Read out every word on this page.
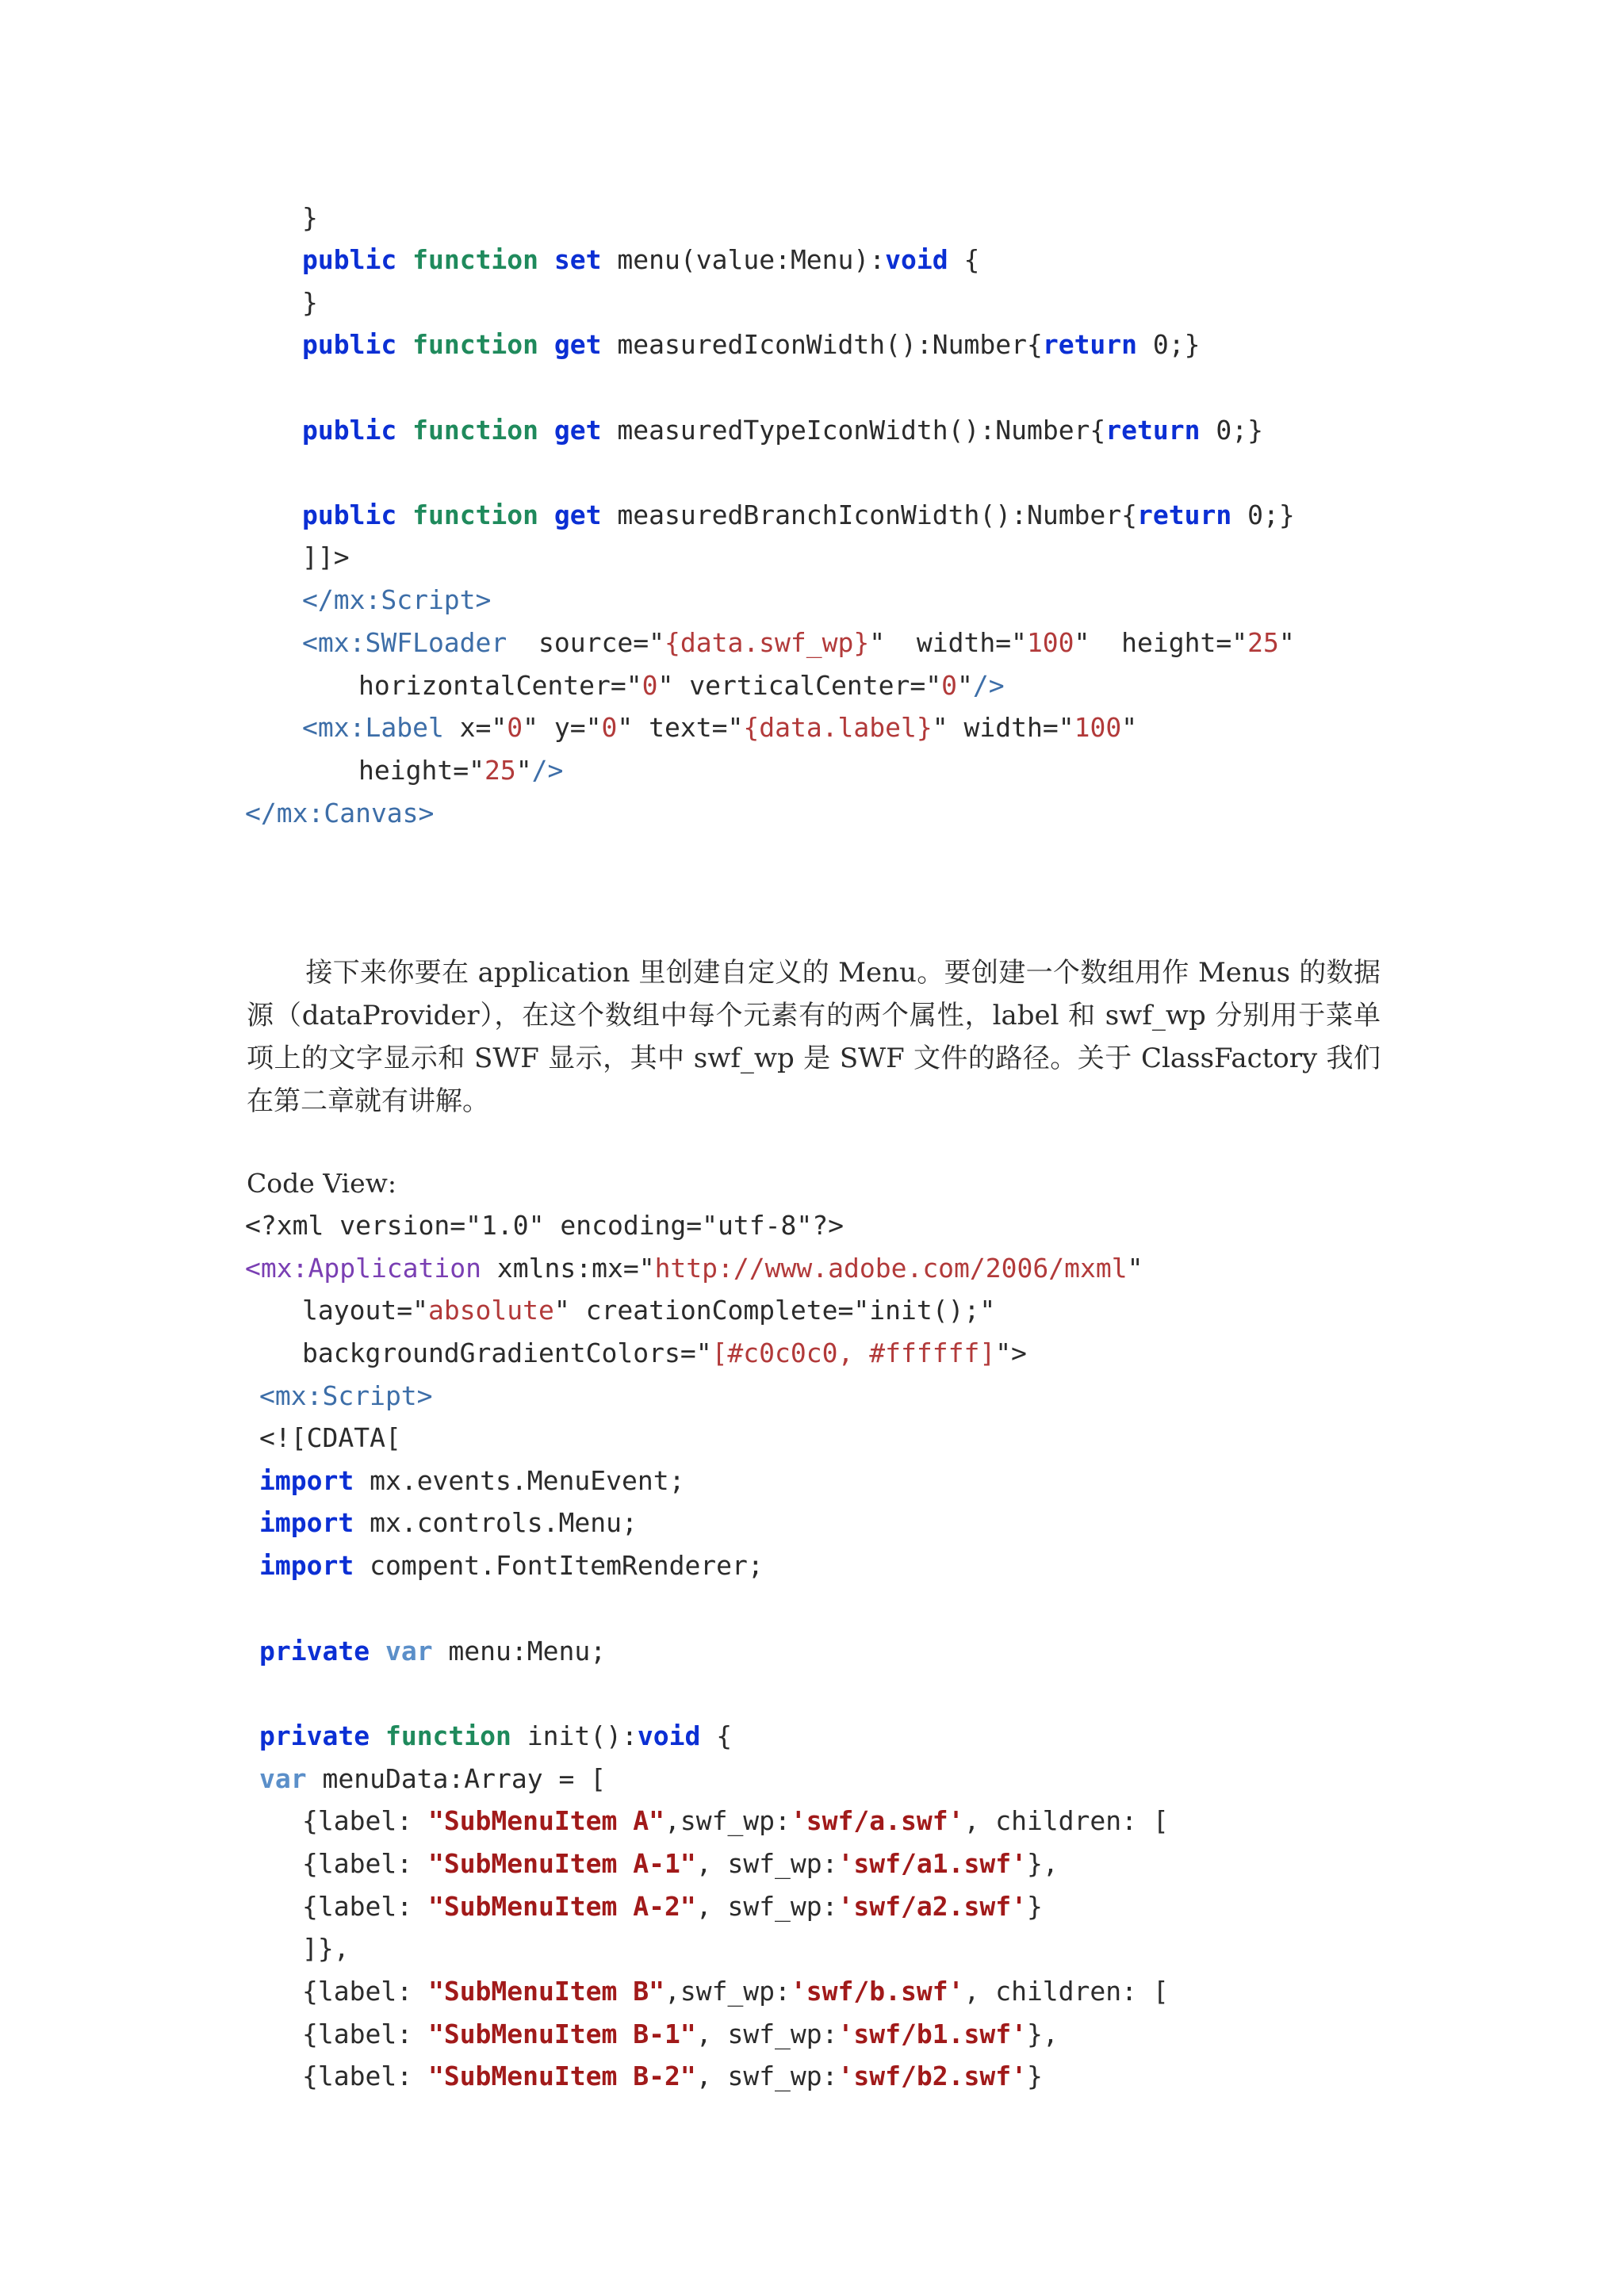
}
public function set menu(value:Menu):void {
}
public function get measuredIconWidth():Number{return 0;}
public function get measuredTypeIconWidth():Number{return 0;}
public function get measuredBranchIconWidth():Number{return 0;}
]]>
</mx:Script>
<mx:SWFLoader  source="{data.swf_wp}"  width="100"  height="25"
horizontalCenter="0" verticalCenter="0"/>
<mx:Label x="0" y="0" text="{data.label}" width="100"
height="25"/>
</mx:Canvas>

接下来你要在 application 里创建自定义的 Menu。要创建一个数组用作 Menus 的数据源（dataProvider），在这个数组中每个元素有的两个属性，label 和 swf_wp 分别用于菜单项上的文字显示和 SWF 显示，其中 swf_wp 是 SWF 文件的路径。关于 ClassFactory 我们在第二章就有讲解。

Code View:
<?xml version="1.0" encoding="utf-8"?>
<mx:Application xmlns:mx="http://www.adobe.com/2006/mxml"
layout="absolute" creationComplete="init();"
backgroundGradientColors="[#c0c0c0, #ffffff]">
<mx:Script>
<![CDATA[
import mx.events.MenuEvent;
import mx.controls.Menu;
import compent.FontItemRenderer;
private var menu:Menu;
private function init():void {
var menuData:Array = [
{label: "SubMenuItem A",swf_wp:'swf/a.swf', children: [
{label: "SubMenuItem A-1", swf_wp:'swf/a1.swf'},
{label: "SubMenuItem A-2", swf_wp:'swf/a2.swf'}
]},
{label: "SubMenuItem B",swf_wp:'swf/b.swf', children: [
{label: "SubMenuItem B-1", swf_wp:'swf/b1.swf'},
{label: "SubMenuItem B-2", swf_wp:'swf/b2.swf'}
